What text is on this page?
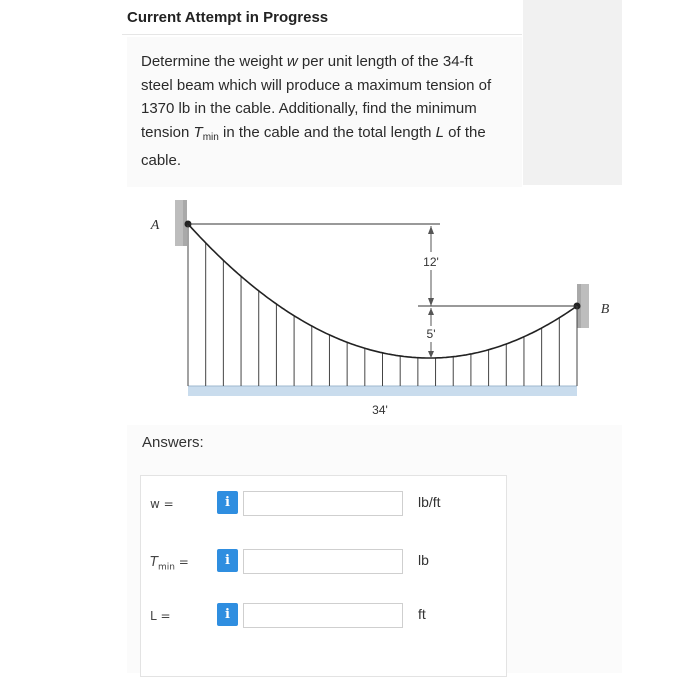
Current Attempt in Progress
Determine the weight w per unit length of the 34-ft steel beam which will produce a maximum tension of 1370 lb in the cable. Additionally, find the minimum tension $T_{min}$ in the cable and the total length L of the cable.
12'
5'
A
B
34'
Answers:
w =	i	lb/ft
$T_{min}$ =	i	lb
L =	i	ft
